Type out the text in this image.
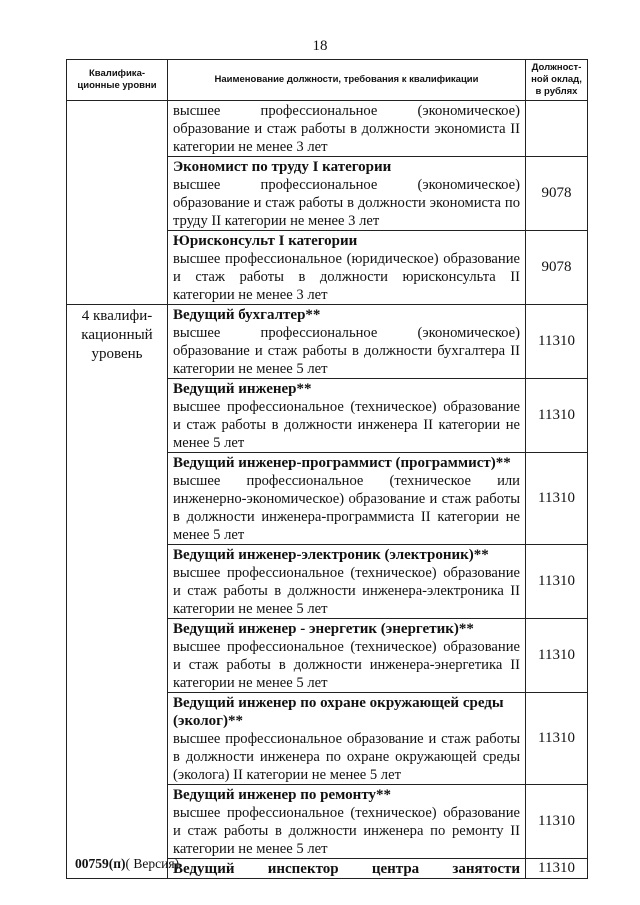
18
Квалифика-ционные уровни	Наименование должности, требования к квалификации	Должност-ной оклад, в рублях

	высшее профессиональное (экономическое) образование и стаж работы в должности экономиста II категории не менее 3 лет	

	Экономист по труду I категории
высшее профессиональное (экономическое) образование и стаж работы в должности экономиста по труду II категории не менее 3 лет	9078

	Юрисконсульт I категории
высшее профессиональное (юридическое) образование и стаж работы в должности юрисконсульта II категории не менее 3 лет	9078
4 квалифи-кационный уровень	Ведущий бухгалтер**
высшее профессиональное (экономическое) образование и стаж работы в должности бухгалтера II категории не менее 5 лет	11310

	Ведущий инженер**
высшее профессиональное (техническое) образование и стаж работы в должности инженера II категории не менее 5 лет	11310

	Ведущий инженер-программист (программист)**
высшее профессиональное (техническое или инженерно-экономическое) образование и стаж работы в должности инженера-программиста II категории не менее 5 лет	11310

	Ведущий инженер-электроник (электроник)**
высшее профессиональное (техническое) образование и стаж работы в должности инженера-электроника II категории не менее 5 лет	11310

	Ведущий инженер - энергетик (энергетик)**
высшее профессиональное (техническое) образование и стаж работы в должности инженера-энергетика II категории не менее 5 лет	11310

	Ведущий инженер по охране окружающей среды (эколог)**
высшее профессиональное образование и стаж работы в должности инженера по охране окружающей среды (эколога) II категории не менее 5 лет	11310

	Ведущий инженер по ремонту**
высшее профессиональное (техническое) образование и стаж работы в должности инженера по ремонту II категории не менее 5 лет	11310

	Ведущий инспектор центра занятости	11310
00759(п)( Версия)
